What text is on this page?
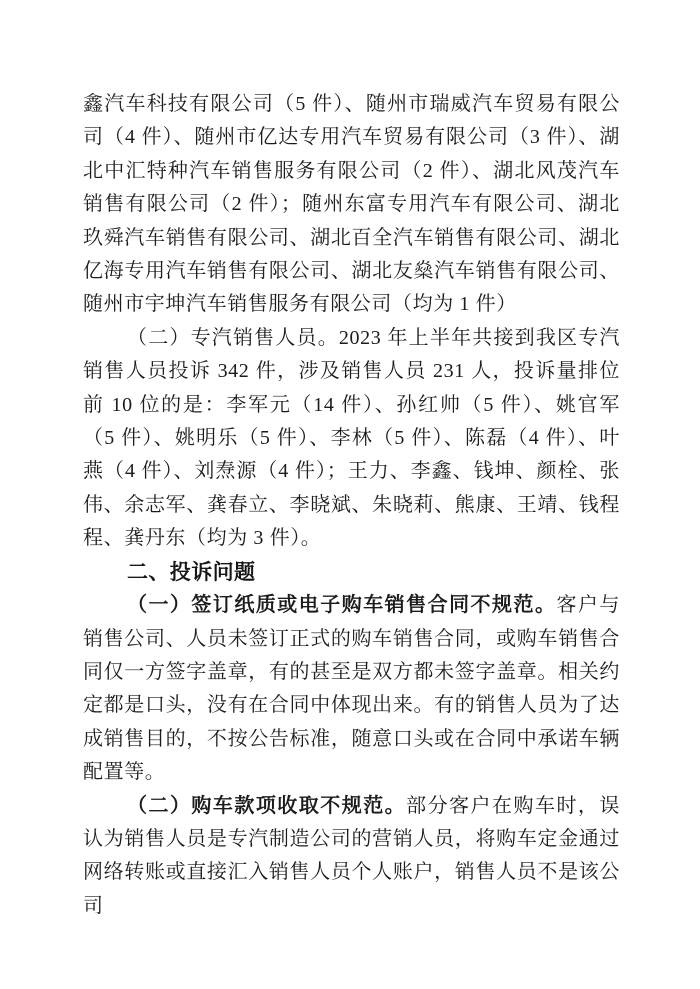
鑫汽车科技有限公司（5 件）、随州市瑞威汽车贸易有限公司（4 件）、随州市亿达专用汽车贸易有限公司（3 件）、湖北中汇特种汽车销售服务有限公司（2 件）、湖北风茂汽车销售有限公司（2 件）；随州东富专用汽车有限公司、湖北玖舜汽车销售有限公司、湖北百全汽车销售有限公司、湖北亿海专用汽车销售有限公司、湖北友燊汽车销售有限公司、随州市宇坤汽车销售服务有限公司（均为 1 件）

（二）专汽销售人员。2023 年上半年共接到我区专汽销售人员投诉 342 件，涉及销售人员 231 人，投诉量排位前 10 位的是：李军元（14 件）、孙红帅（5 件）、姚官军（5 件）、姚明乐（5 件）、李林（5 件）、陈磊（4 件）、叶燕（4 件）、刘焘源（4 件）；王力、李鑫、钱坤、颜栓、张伟、余志军、龚春立、李晓斌、朱晓莉、熊康、王靖、钱程程、龚丹东（均为 3 件）。

二、投诉问题

（一）签订纸质或电子购车销售合同不规范。客户与销售公司、人员未签订正式的购车销售合同，或购车销售合同仅一方签字盖章，有的甚至是双方都未签字盖章。相关约定都是口头，没有在合同中体现出来。有的销售人员为了达成销售目的，不按公告标准，随意口头或在合同中承诺车辆配置等。

（二）购车款项收取不规范。部分客户在购车时，误认为销售人员是专汽制造公司的营销人员，将购车定金通过网络转账或直接汇入销售人员个人账户，销售人员不是该公司
